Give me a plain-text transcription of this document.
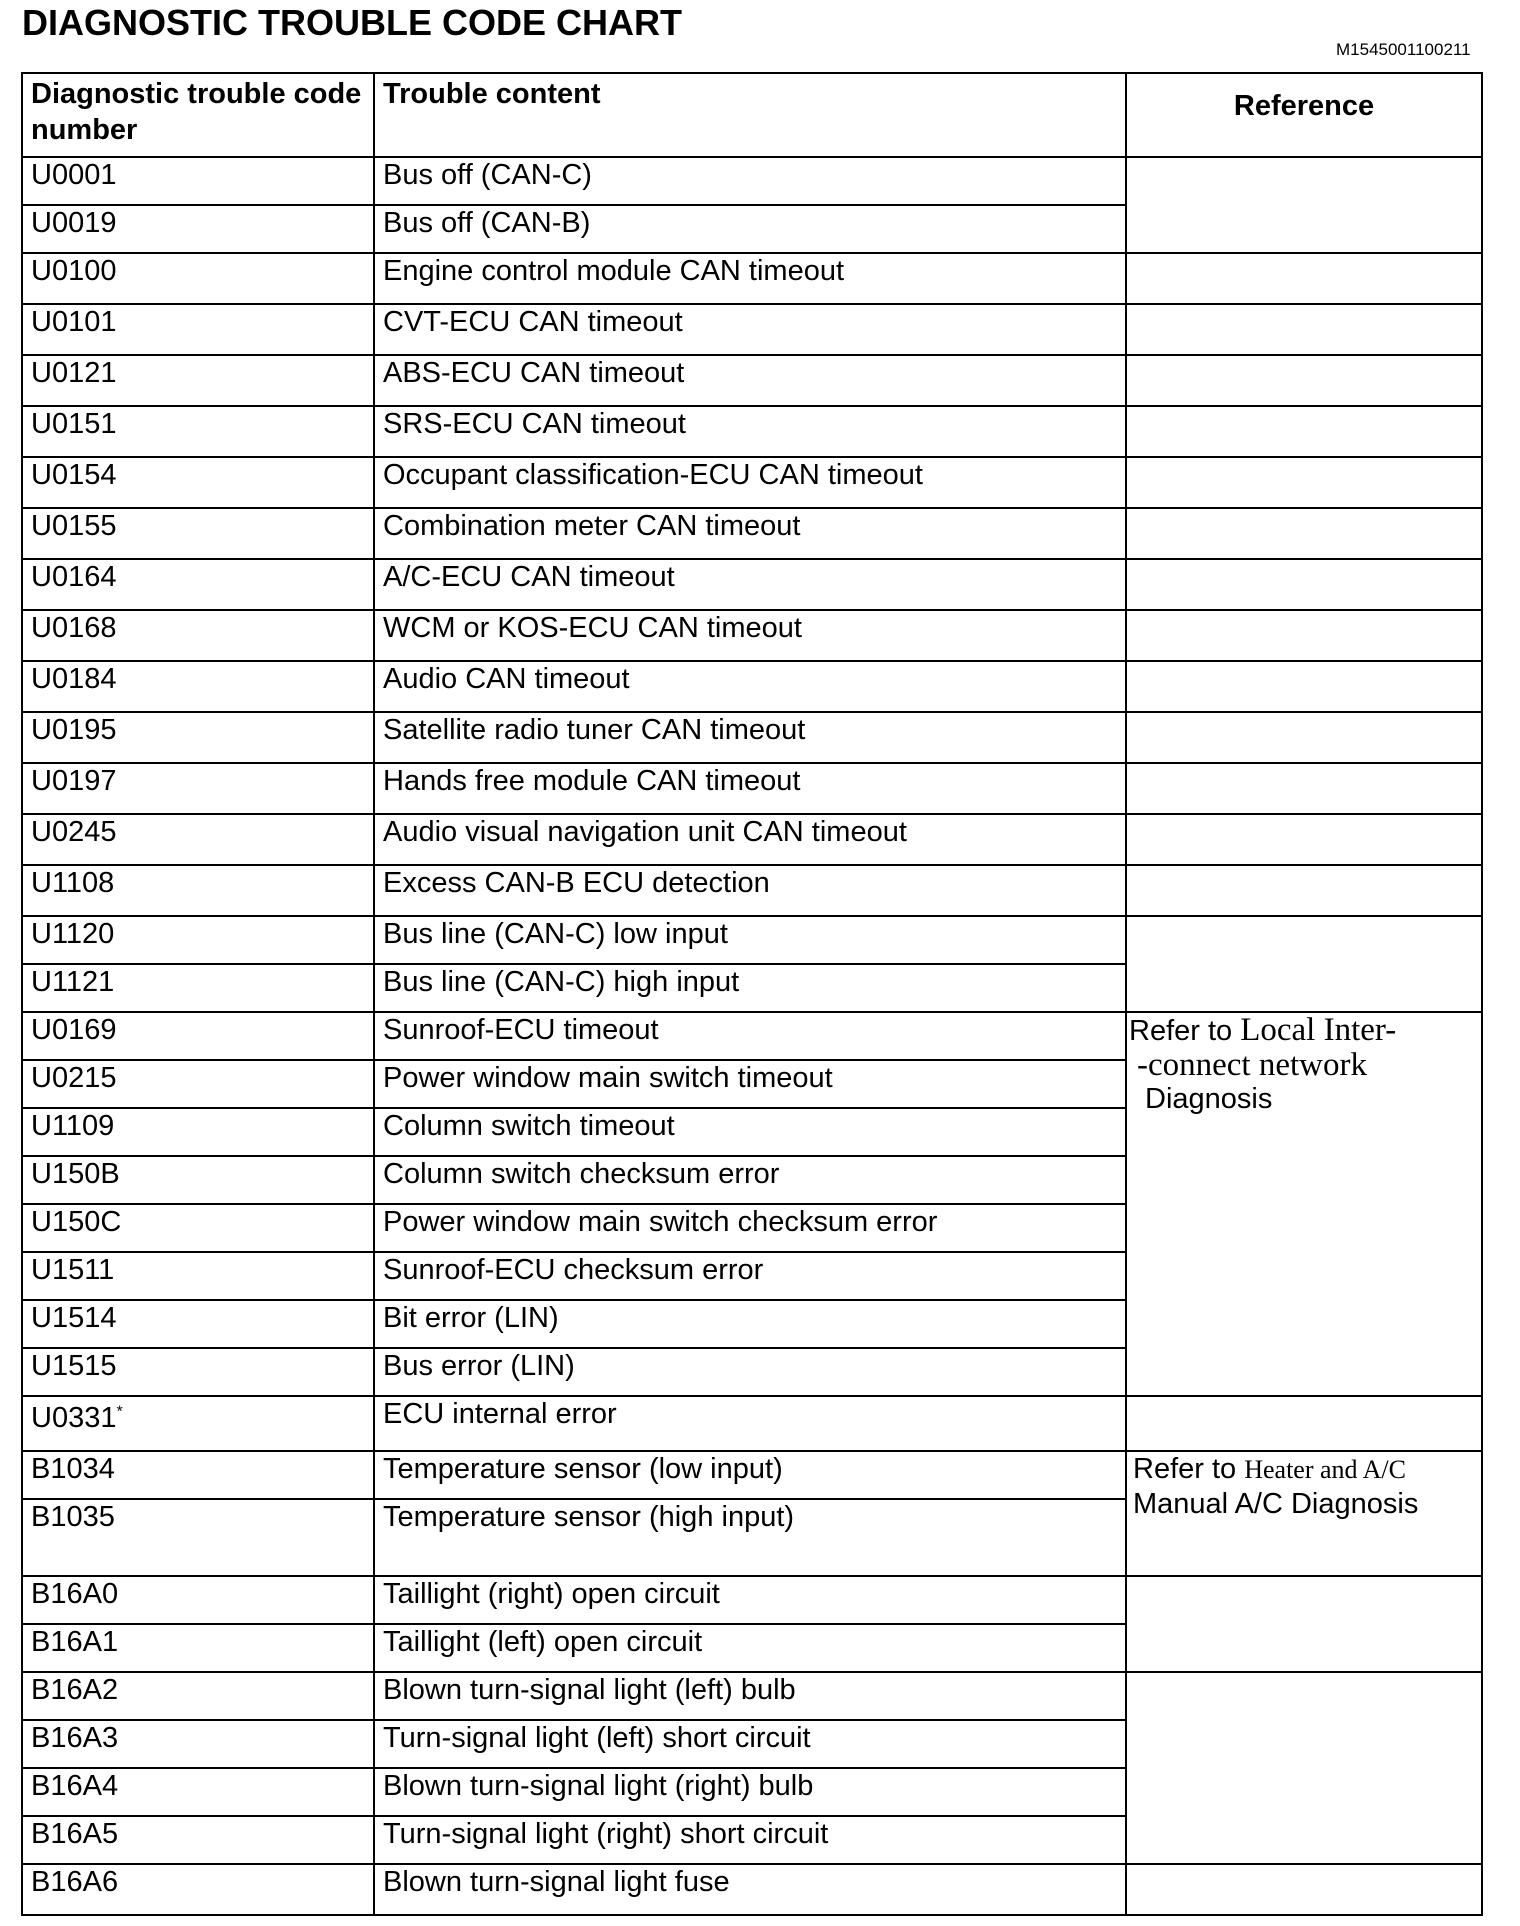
DIAGNOSTIC TROUBLE CODE CHART
M1545001100211
Diagnostic trouble code number	Trouble content	Reference
U0001	Bus off (CAN-C)	
U0019	Bus off (CAN-B)	
U0100	Engine control module CAN timeout	
U0101	CVT-ECU CAN timeout	
U0121	ABS-ECU CAN timeout	
U0151	SRS-ECU CAN timeout	
U0154	Occupant classification-ECU CAN timeout	
U0155	Combination meter CAN timeout	
U0164	A/C-ECU CAN timeout	
U0168	WCM or KOS-ECU CAN timeout	
U0184	Audio CAN timeout	
U0195	Satellite radio tuner CAN timeout	
U0197	Hands free module CAN timeout	
U0245	Audio visual navigation unit CAN timeout	
U1108	Excess CAN-B ECU detection	
U1120	Bus line (CAN-C) low input	
U1121	Bus line (CAN-C) high input	
U0169	Sunroof-ECU timeout	Refer to Local Inter-
-connect network
Diagnosis

U0215	Power window main switch timeout	
U1109	Column switch timeout	
U150B	Column switch checksum error	
U150C	Power window main switch checksum error	
U1511	Sunroof-ECU checksum error	
U1514	Bit error (LIN)	
U1515	Bus error (LIN)	
U0331*	ECU internal error	
B1034	Temperature sensor (low input)	Refer to Heater and A/C
Manual A/C Diagnosis

B1035	Temperature sensor (high input)	
B16A0	Taillight (right) open circuit	
B16A1	Taillight (left) open circuit	
B16A2	Blown turn-signal light (left) bulb	
B16A3	Turn-signal light (left) short circuit	
B16A4	Blown turn-signal light (right) bulb	
B16A5	Turn-signal light (right) short circuit	
B16A6	Blown turn-signal light fuse	
